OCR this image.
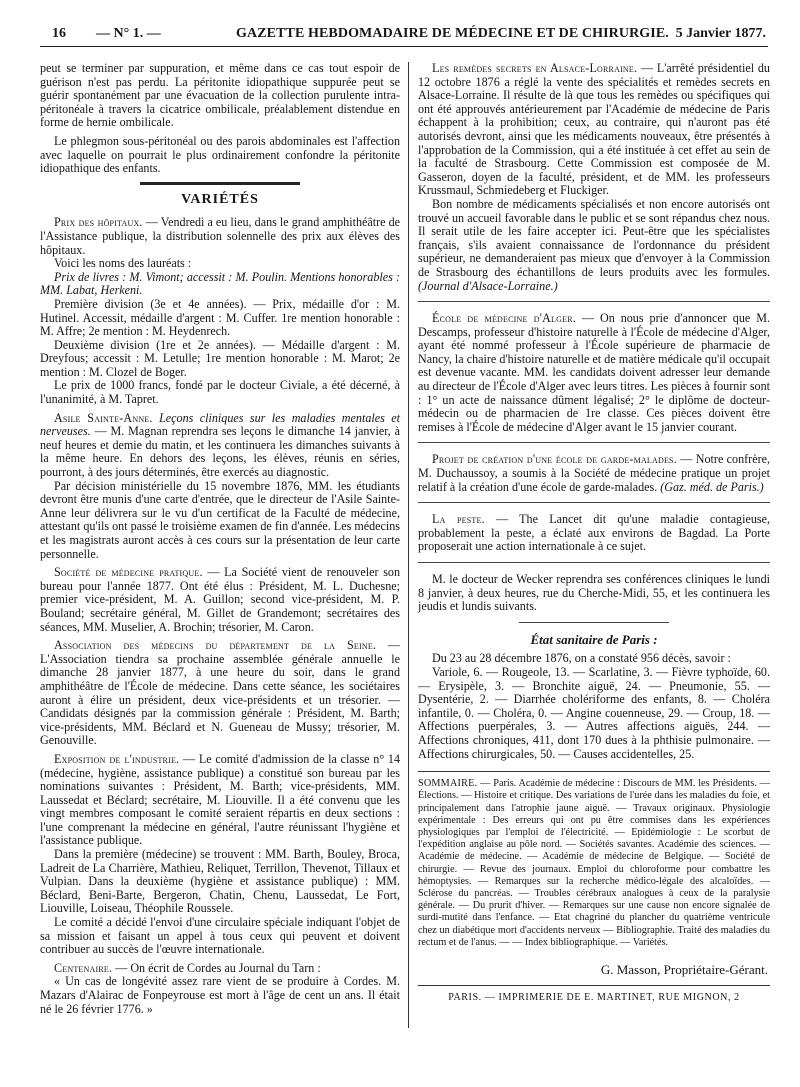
16 — N° 1. —	GAZETTE HEBDOMADAIRE DE MÉDECINE ET DE CHIRURGIE. 5 Janvier 1877.

peut se terminer par suppuration, et même dans ce cas tout espoir de guérison n'est pas perdu. La péritonite idiopathique suppurée peut se guérir spontanément par une évacuation de la collection purulente intra-péritonéale à travers la cicatrice ombilicale, préalablement distendue en forme de hernie ombilicale.

Le phlegmon sous-péritonéal ou des parois abdominales est l'affection avec laquelle on pourrait le plus ordinairement confondre la péritonite idiopathique des enfants.

VARIÉTÉS

Prix des hôpitaux. — Vendredi a eu lieu, dans le grand amphithéâtre de l'Assistance publique, la distribution solennelle des prix aux élèves des hôpitaux.

Voici les noms des lauréats :

Prix de livres : M. Vimont; accessit : M. Poulin. Mentions honorables : MM. Labat, Herkeni.

Première division (3e et 4e années). — Prix, médaille d'or : M. Hutinel. Accessit, médaille d'argent : M. Cuffer. 1re mention honorable : M. Affre; 2e mention : M. Heydenrech.

Deuxième division (1re et 2e années). — Médaille d'argent : M. Dreyfous; accessit : M. Letulle; 1re mention honorable : M. Marot; 2e mention : M. Clozel de Boger.

Le prix de 1000 francs, fondé par le docteur Civiale, a été décerné, à l'unanimité, à M. Tapret.

Asile Sainte-Anne. Leçons cliniques sur les maladies mentales et nerveuses. — M. Magnan reprendra ses leçons le dimanche 14 janvier, à neuf heures et demie du matin, et les continuera les dimanches suivants à la même heure. En dehors des leçons, les élèves, réunis en séries, pourront, à des jours déterminés, être exercés au diagnostic.

Par décision ministérielle du 15 novembre 1876, MM. les étudiants devront être munis d'une carte d'entrée, que le directeur de l'Asile Sainte-Anne leur délivrera sur le vu d'un certificat de la Faculté de médecine, attestant qu'ils ont passé le troisième examen de fin d'année. Les médecins et les magistrats auront accès à ces cours sur la présentation de leur carte personnelle.

Société de médecine pratique. — La Société vient de renouveler son bureau pour l'année 1877. Ont été élus : Président, M. L. Duchesne; premier vice-président, M. A. Guillon; second vice-président, M. P. Bouland; secrétaire général, M. Gillet de Grandemont; secrétaires des séances, MM. Muselier, A. Brochin; trésorier, M. Caron.

Association des médecins du département de la Seine. — L'Association tiendra sa prochaine assemblée générale annuelle le dimanche 28 janvier 1877, à une heure du soir, dans le grand amphithéâtre de l'École de médecine. Dans cette séance, les sociétaires auront à élire un président, deux vice-présidents et un trésorier. — Candidats désignés par la commission générale : Président, M. Barth; vice-présidents, MM. Béclard et N. Gueneau de Mussy; trésorier, M. Genouville.

Exposition de l'industrie. — Le comité d'admission de la classe n° 14 (médecine, hygiène, assistance publique) a constitué son bureau par les nominations suivantes : Président, M. Barth; vice-présidents, MM. Laussedat et Béclard; secrétaire, M. Liouville. Il a été convenu que les vingt membres composant le comité seraient répartis en deux sections : l'une comprenant la médecine en général, l'autre réunissant l'hygiène et l'assistance publique.

Dans la première (médecine) se trouvent : MM. Barth, Bouley, Broca, Ladreit de La Charrière, Mathieu, Reliquet, Terrillon, Thevenot, Tillaux et Vulpian. Dans la deuxième (hygiène et assistance publique) : MM. Béclard, Beni-Barte, Bergeron, Chatin, Chenu, Laussedat, Le Fort, Liouville, Loiseau, Théophile Roussele.

Le comité a décidé l'envoi d'une circulaire spéciale indiquant l'objet de sa mission et faisant un appel à tous ceux qui peuvent et doivent contribuer au succès de l'œuvre internationale.

Centenaire. — On écrit de Cordes au Journal du Tarn :

« Un cas de longévité assez rare vient de se produire à Cordes. M. Mazars d'Alairac de Fonpeyrouse est mort à l'âge de cent un ans. Il était né le 26 février 1776. »

Les remèdes secrets en Alsace-Lorraine. — L'arrêté présidentiel du 12 octobre 1876 a réglé la vente des spécialités et remèdes secrets en Alsace-Lorraine. Il résulte de là que tous les remèdes ou spécifiques qui ont été approuvés antérieurement par l'Académie de médecine de Paris échappent à la prohibition; ceux, au contraire, qui n'auront pas été autorisés devront, ainsi que les médicaments nouveaux, être présentés à l'approbation de la Commission, qui a été instituée à cet effet au sein de la faculté de Strasbourg. Cette Commission est composée de M. Gasseron, doyen de la faculté, président, et de MM. les professeurs Krussmaul, Schmiedeberg et Fluckiger.

Bon nombre de médicaments spécialisés et non encore autorisés ont trouvé un accueil favorable dans le public et se sont répandus chez nous. Il serait utile de les faire accepter ici. Peut-être que les spécialistes français, s'ils avaient connaissance de l'ordonnance du président supérieur, ne demanderaient pas mieux que d'envoyer à la Commission de Strasbourg des échantillons de leurs produits avec les formules. (Journal d'Alsace-Lorraine.)

École de médecine d'Alger. — On nous prie d'annoncer que M. Descamps, professeur d'histoire naturelle à l'École de médecine d'Alger, ayant été nommé professeur à l'École supérieure de pharmacie de Nancy, la chaire d'histoire naturelle et de matière médicale qu'il occupait est devenue vacante. MM. les candidats doivent adresser leur demande au directeur de l'École d'Alger avec leurs titres. Les pièces à fournir sont : 1° un acte de naissance dûment légalisé; 2° le diplôme de docteur-médecin ou de pharmacien de 1re classe. Ces pièces doivent être remises à l'École de médecine d'Alger avant le 15 janvier courant.

Projet de création d'une école de garde-malades. — Notre confrère, M. Duchaussoy, a soumis à la Société de médecine pratique un projet relatif à la création d'une école de garde-malades. (Gaz. méd. de Paris.)

La peste. — The Lancet dit qu'une maladie contagieuse, probablement la peste, a éclaté aux environs de Bagdad. La Porte proposerait une action internationale à ce sujet.

M. le docteur de Wecker reprendra ses conférences cliniques le lundi 8 janvier, à deux heures, rue du Cherche-Midi, 55, et les continuera les jeudis et lundis suivants.

État sanitaire de Paris :

Du 23 au 28 décembre 1876, on a constaté 956 décès, savoir :

Variole, 6. — Rougeole, 13. — Scarlatine, 3. — Fièvre typhoïde, 60. — Erysipèle, 3. — Bronchite aiguë, 24. — Pneumonie, 55. — Dysentérie, 2. — Diarrhée cholériforme des enfants, 8. — Choléra infantile, 0. — Choléra, 0. — Angine couenneuse, 29. — Croup, 18. — Affections puerpérales, 3. — Autres affections aiguës, 244. — Affections chroniques, 411, dont 170 dues à la phthisie pulmonaire. — Affections chirurgicales, 50. — Causes accidentelles, 25.

SOMMAIRE. — Paris. Académie de médecine : Discours de MM. les Présidents. — Élections. — Histoire et critique. Des variations de l'urée dans les maladies du foie, et principalement dans l'atrophie jaune aiguë. — Travaux originaux. Physiologie expérimentale : Des erreurs qui ont pu être commises dans les expériences physiologiques par l'emploi de l'électricité. — Epidémiologie : Le scorbut de l'expédition anglaise au pôle nord. — Sociétés savantes. Académie des sciences. — Académie de médecine. — Académie de médecine de Belgique. — Société de chirurgie. — Revue des journaux. Emploi du chloroforme pour combattre les hémoptysies. — Remarques sur la recherche médico-légale des alcaloïdes. — Sclérose du pancréas. — Troubles cérébraux analogues à ceux de la paralysie générale. — Du prurit d'hiver. — Remarques sur une cause non encore signalée de surdi-mutité dans l'enfance. — Etat chagriné du plancher du quatrième ventricule chez un diabétique mort d'accidents nerveux — Bibliographie. Traité des maladies du rectum et de l'anus. — — Index bibliographique. — Variétés.
G. Masson, Propriétaire-Gérant.
PARIS. — IMPRIMERIE DE E. MARTINET, RUE MIGNON, 2
